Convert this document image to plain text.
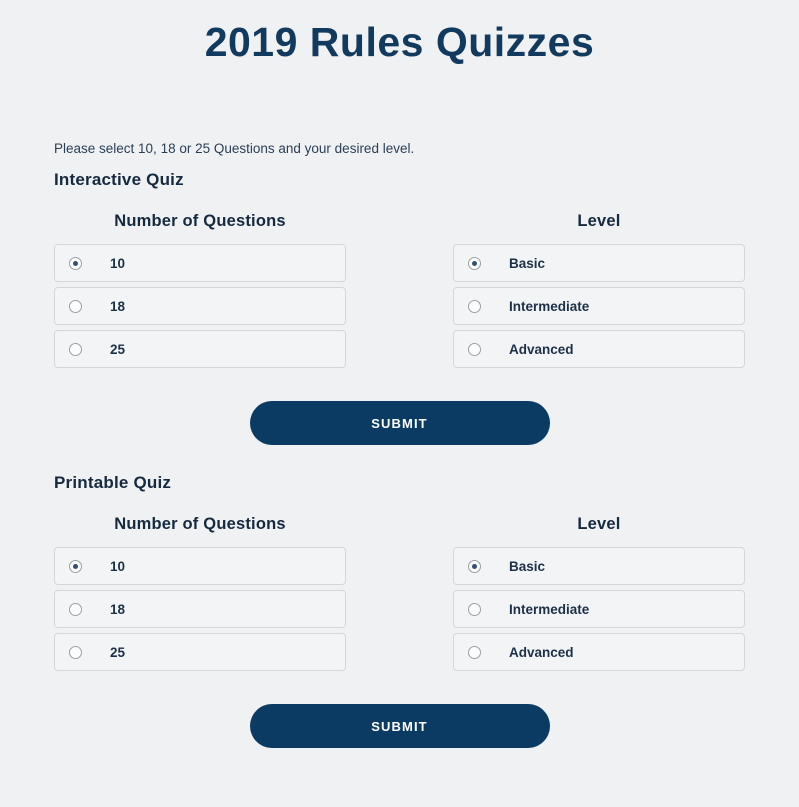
2019 Rules Quizzes
Please select 10, 18 or 25 Questions and your desired level.
Interactive Quiz
Number of Questions
10
18
25
Level
Basic
Intermediate
Advanced
SUBMIT
Printable Quiz
Number of Questions
10
18
25
Level
Basic
Intermediate
Advanced
SUBMIT
